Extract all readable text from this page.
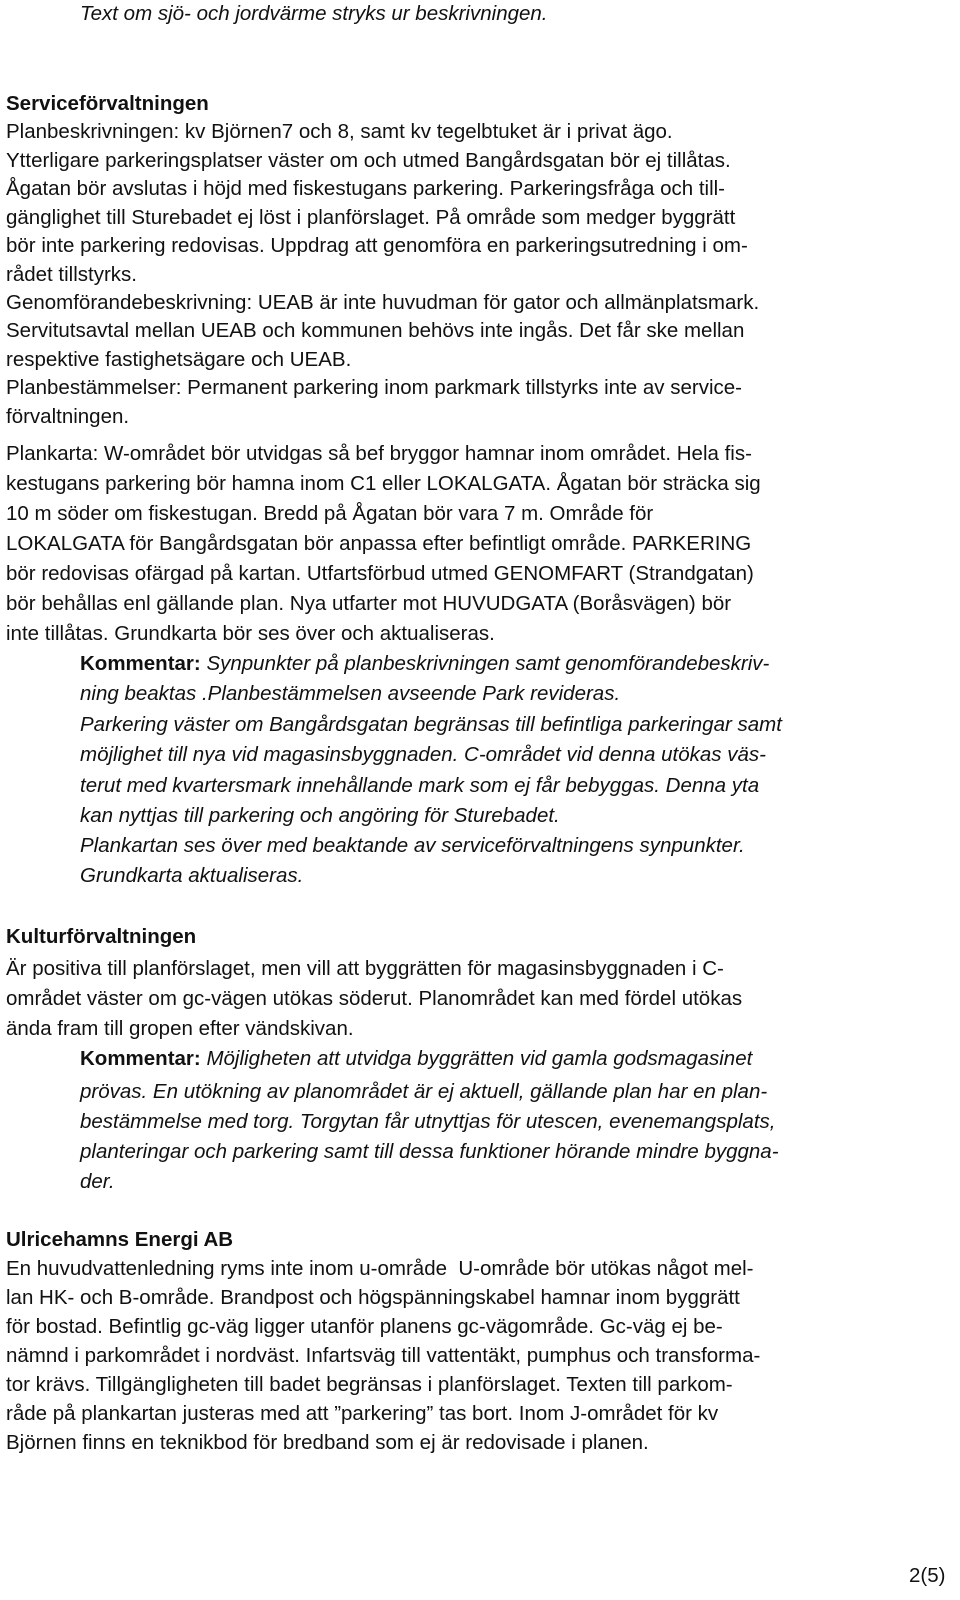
Text om sjö- och jordvärme stryks ur beskrivningen.
Serviceförvaltningen
Planbeskrivningen: kv Björnen7 och 8, samt kv tegelbtuket är i privat ägo.
Ytterligare parkeringsplatser väster om och utmed Bangårdsgatan bör ej tillåtas.
Ågatan bör avslutas i höjd med fiskestugans parkering. Parkeringsfråga och till-
gänglighet till Sturebadet ej löst i planförslaget. På område som medger byggrätt
bör inte parkering redovisas. Uppdrag att genomföra en parkeringsutredning i om-
rådet tillstyrks.
Genomförandebeskrivning: UEAB är inte huvudman för gator och allmänplatsmark.
Servitutsavtal mellan UEAB och kommunen behövs inte ingås. Det får ske mellan
respektive fastighetsägare och UEAB.
Planbestämmelser: Permanent parkering inom parkmark tillstyrks inte av service-
förvaltningen.
Plankarta: W-området bör utvidgas så bef bryggor hamnar inom området. Hela fis-
kestugans parkering bör hamna inom C1 eller LOKALGATA. Ågatan bör sträcka sig
10 m söder om fiskestugan. Bredd på Ågatan bör vara 7 m. Område för
LOKALGATA för Bangårdsgatan bör anpassa efter befintligt område. PARKERING
bör redovisas ofärgad på kartan. Utfartsförbud utmed GENOMFART (Strandgatan)
bör behållas enl gällande plan. Nya utfarter mot HUVUDGATA (Boråsvägen) bör
inte tillåtas. Grundkarta bör ses över och aktualiseras.
Kommentar: Synpunkter på planbeskrivningen samt genomförandebeskriv-
ning beaktas .Planbestämmelsen avseende Park revideras.
Parkering väster om Bangårdsgatan begränsas till befintliga parkeringar samt
möjlighet till nya vid magasinsbyggnaden. C-området vid denna utökas väs-
terut med kvartersmark innehållande mark som ej får bebyggas. Denna yta
kan nyttjas till parkering och angöring för Sturebadet.
Plankartan ses över med beaktande av serviceförvaltningens synpunkter.
Grundkarta aktualiseras.
Kulturförvaltningen
Är positiva till planförslaget, men vill att byggrätten för magasinsbyggnaden i C-
området väster om gc-vägen utökas söderut. Planområdet kan med fördel utökas
ända fram till gropen efter vändskivan.
Kommentar: Möjligheten att utvidga byggrätten vid gamla godsmagasinet
prövas. En utökning av planområdet är ej aktuell, gällande plan har en plan-
bestämmelse med torg. Torgytan får utnyttjas för utescen, evenemangsplats,
planteringar och parkering samt till dessa funktioner hörande mindre byggna-
der.
Ulricehamns Energi AB
En huvudvattenledning ryms inte inom u-område  U-område bör utökas något mel-
lan HK- och B-område. Brandpost och högspänningskabel hamnar inom byggrätt
för bostad. Befintlig gc-väg ligger utanför planens gc-vägområde. Gc-väg ej be-
nämnd i parkområdet i nordväst. Infartsväg till vattentäkt, pumphus och transforma-
tor krävs. Tillgängligheten till badet begränsas i planförslaget. Texten till parkom-
råde på plankartan justeras med att ”parkering” tas bort. Inom J-området för kv
Björnen finns en teknikbod för bredband som ej är redovisade i planen.
2(5)
